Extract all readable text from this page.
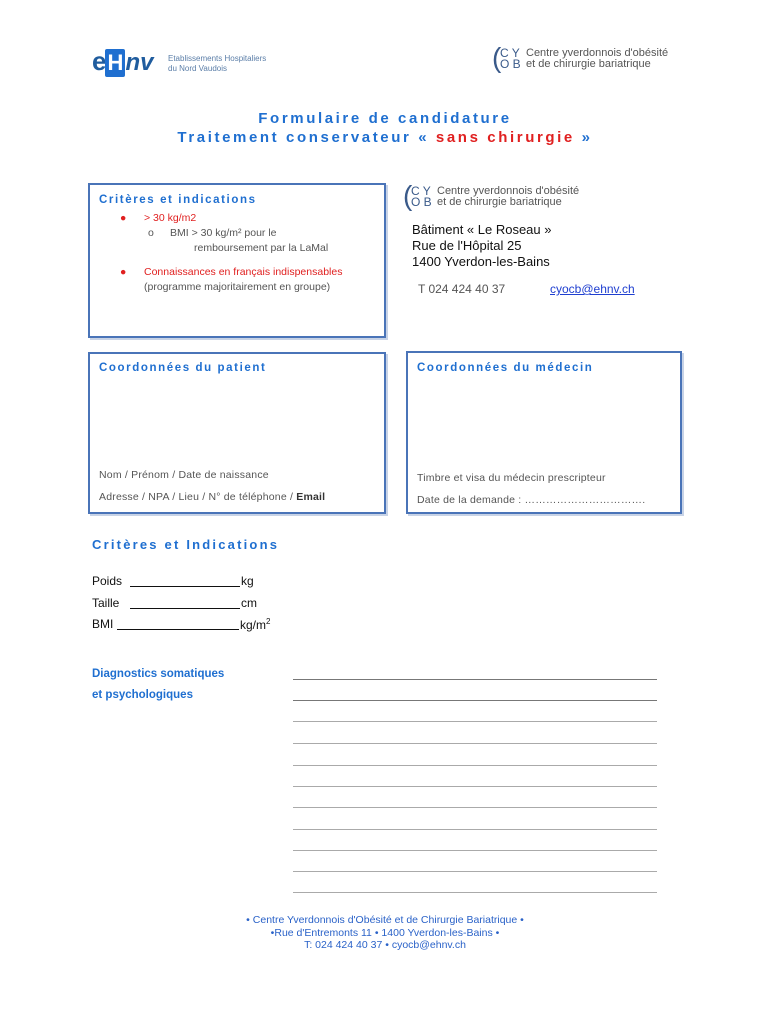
eHnv Etablissements Hospitaliers
du Nord Vaudois	(
C Y
O B
Centre yverdonnois d'obésité
et de chirurgie bariatrique
Formulaire de candidature
Traitement conservateur « sans chirurgie »
Critères et indications
● > 30 kg/m2
o BMI > 30 kg/m² pour le
remboursement par la LaMal
● Connaissances en français indispensables
(programme majoritairement en groupe)
(
C Y
O B
Centre yverdonnois d'obésité
et de chirurgie bariatrique
Bâtiment « Le Roseau »
Rue de l'Hôpital 25
1400 Yverdon-les-Bains
T 024 424 40 37	cyocb@ehnv.ch
Coordonnées du patient
Nom / Prénom / Date de naissance
Adresse / NPA / Lieu / N° de téléphone / Email
Coordonnées du médecin
Timbre et visa du médecin prescripteur
Date de la demande : …………………………….
Critères et Indications
Poids	kg
Taille	cm
BMI	$kg/m^2$
Diagnostics somatiques
et psychologiques
• Centre Yverdonnois d'Obésité et de Chirurgie Bariatrique •
•Rue d'Entremonts 11 • 1400 Yverdon-les-Bains •
T: 024 424 40 37 • cyocb@ehnv.ch
